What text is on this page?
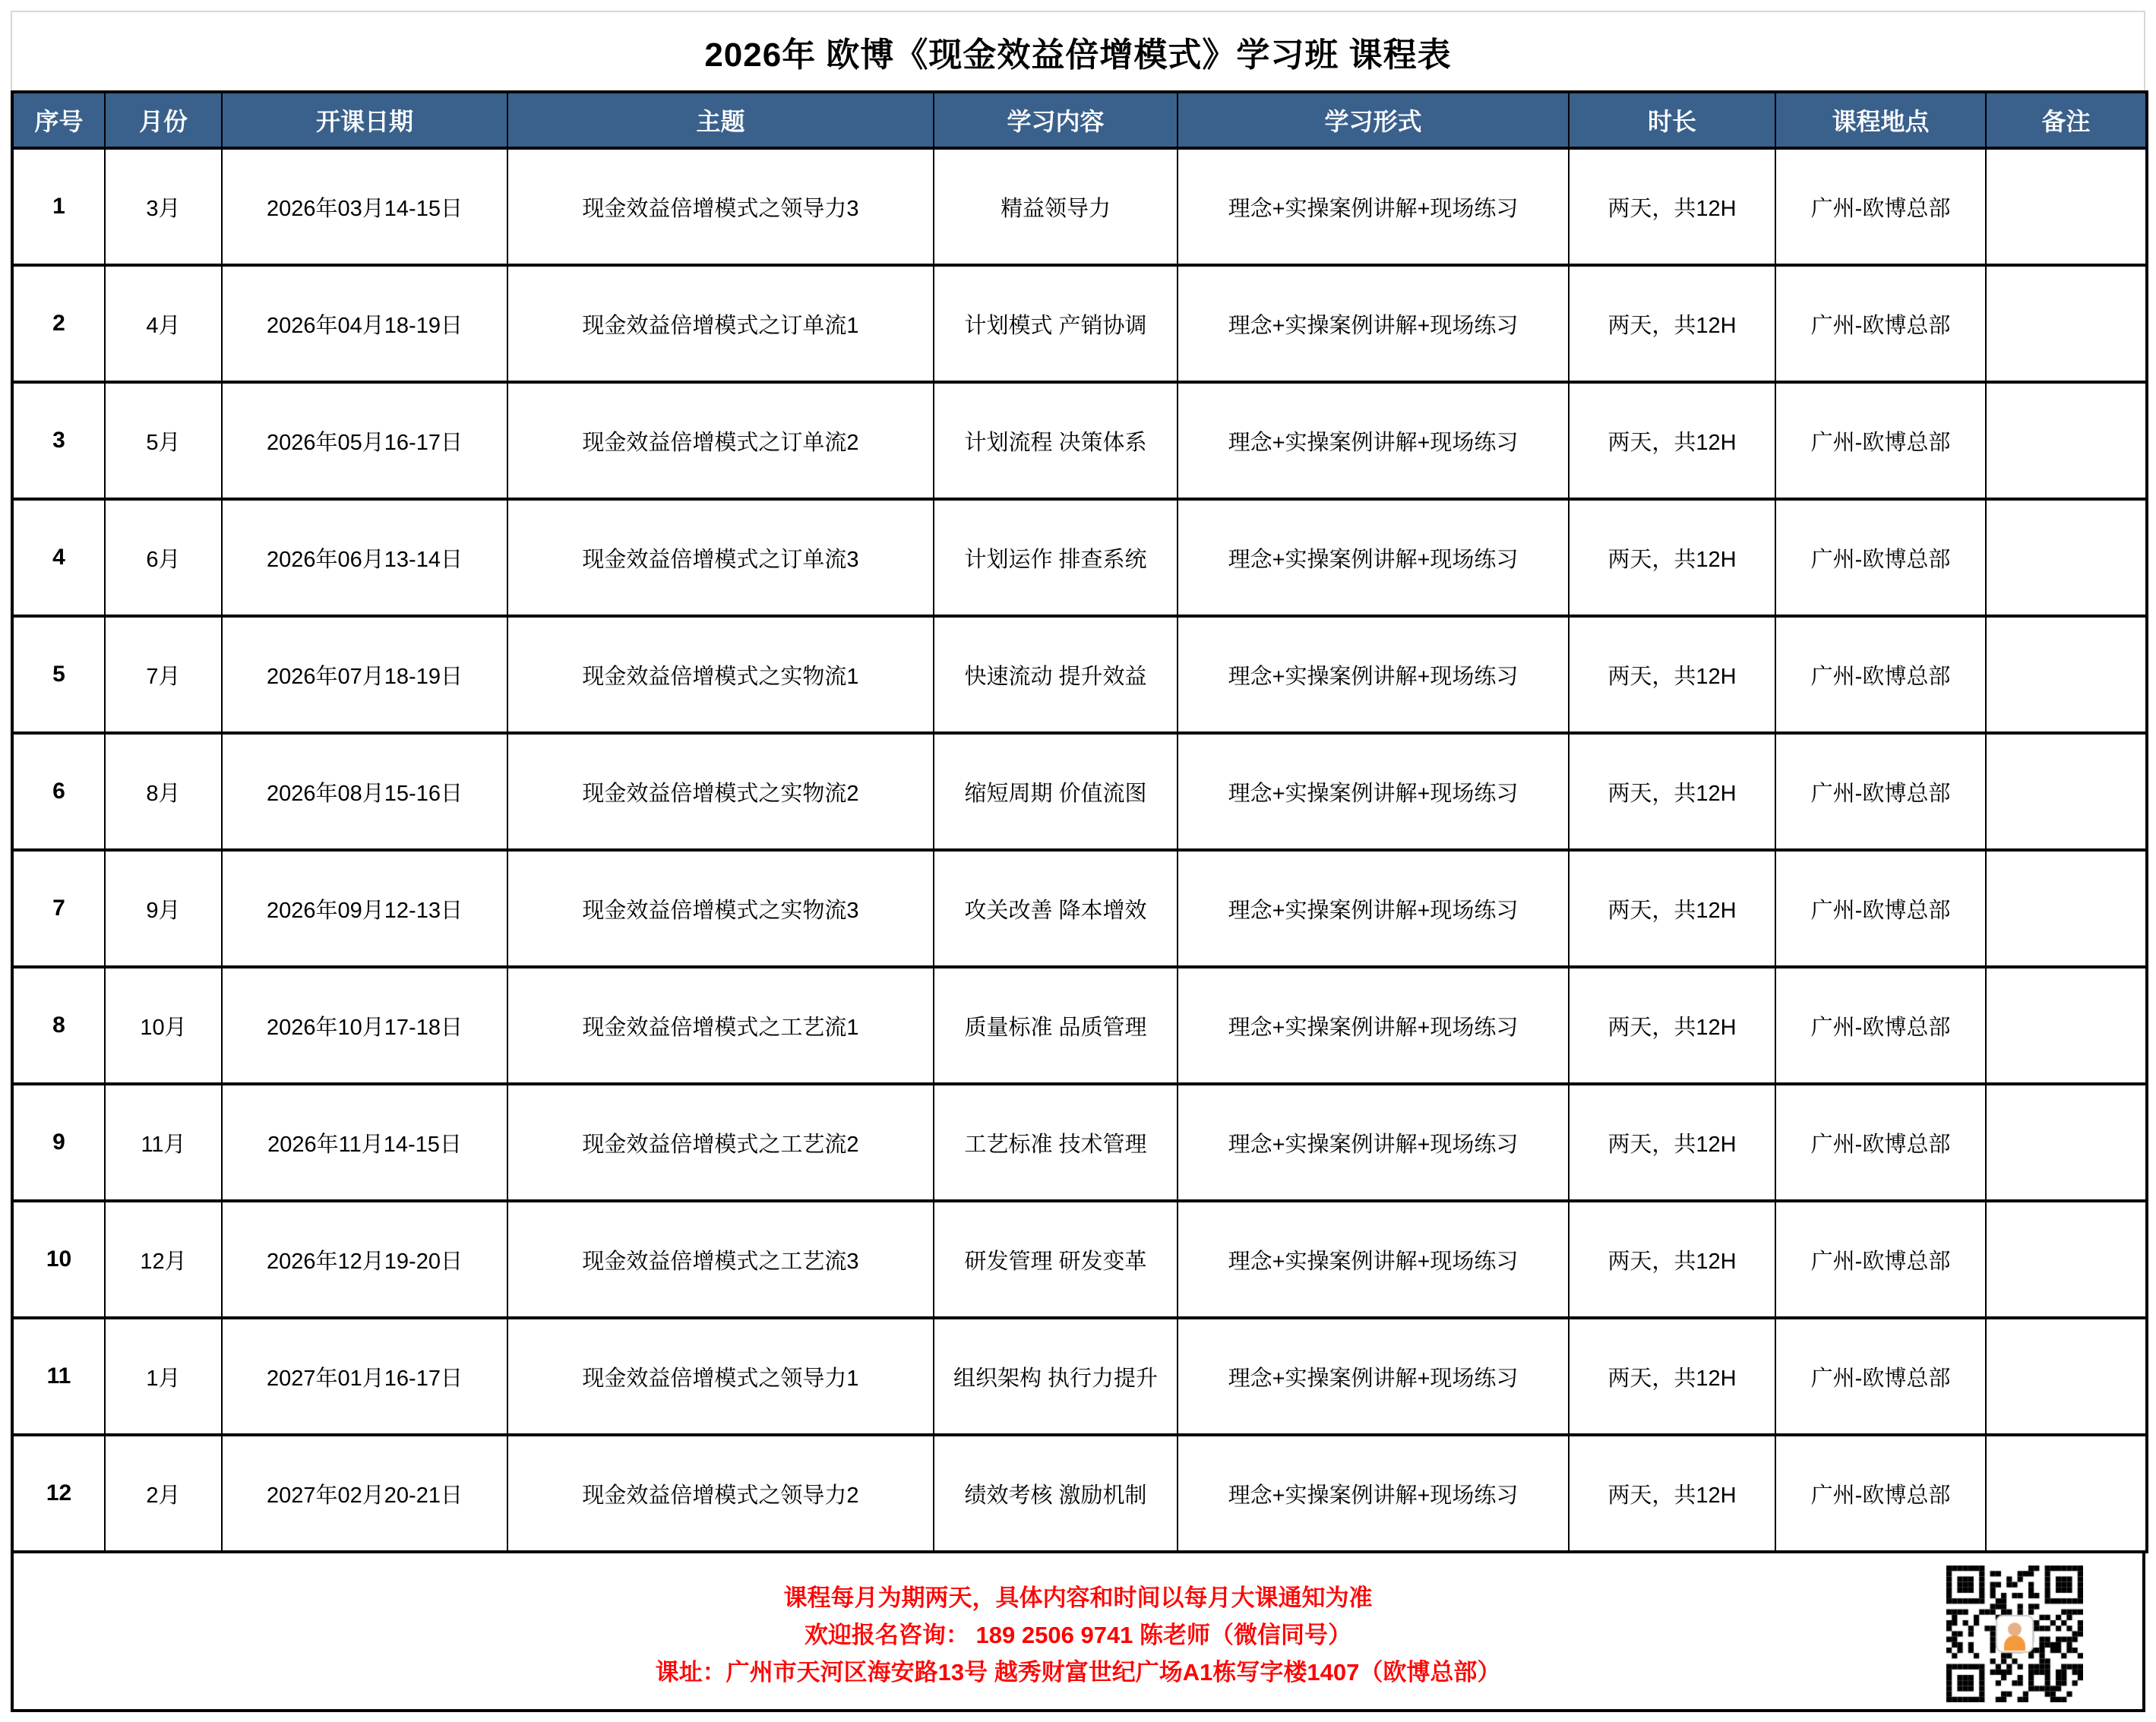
2026年 欧博《现金效益倍增模式》学习班 课程表
序号	月份	开课日期	主题	学习内容	学习形式	时长	课程地点	备注
1	3月	2026年03月14-15日	现金效益倍增模式之领导力3	精益领导力	理念+实操案例讲解+现场练习	两天，共12H	广州-欧博总部	
2	4月	2026年04月18-19日	现金效益倍增模式之订单流1	计划模式 产销协调	理念+实操案例讲解+现场练习	两天，共12H	广州-欧博总部	
3	5月	2026年05月16-17日	现金效益倍增模式之订单流2	计划流程 决策体系	理念+实操案例讲解+现场练习	两天，共12H	广州-欧博总部	
4	6月	2026年06月13-14日	现金效益倍增模式之订单流3	计划运作 排查系统	理念+实操案例讲解+现场练习	两天，共12H	广州-欧博总部	
5	7月	2026年07月18-19日	现金效益倍增模式之实物流1	快速流动 提升效益	理念+实操案例讲解+现场练习	两天，共12H	广州-欧博总部	
6	8月	2026年08月15-16日	现金效益倍增模式之实物流2	缩短周期 价值流图	理念+实操案例讲解+现场练习	两天，共12H	广州-欧博总部	
7	9月	2026年09月12-13日	现金效益倍增模式之实物流3	攻关改善 降本增效	理念+实操案例讲解+现场练习	两天，共12H	广州-欧博总部	
8	10月	2026年10月17-18日	现金效益倍增模式之工艺流1	质量标准 品质管理	理念+实操案例讲解+现场练习	两天，共12H	广州-欧博总部	
9	11月	2026年11月14-15日	现金效益倍增模式之工艺流2	工艺标准 技术管理	理念+实操案例讲解+现场练习	两天，共12H	广州-欧博总部	
10	12月	2026年12月19-20日	现金效益倍增模式之工艺流3	研发管理 研发变革	理念+实操案例讲解+现场练习	两天，共12H	广州-欧博总部	
11	1月	2027年01月16-17日	现金效益倍增模式之领导力1	组织架构 执行力提升	理念+实操案例讲解+现场练习	两天，共12H	广州-欧博总部	
12	2月	2027年02月20-21日	现金效益倍增模式之领导力2	绩效考核 激励机制	理念+实操案例讲解+现场练习	两天，共12H	广州-欧博总部	

课程每月为期两天，具体内容和时间以每月大课通知为准

欢迎报名咨询： 189 2506 9741 陈老师（微信同号）

课址：广州市天河区海安路13号 越秀财富世纪广场A1栋写字楼1407（欧博总部）
